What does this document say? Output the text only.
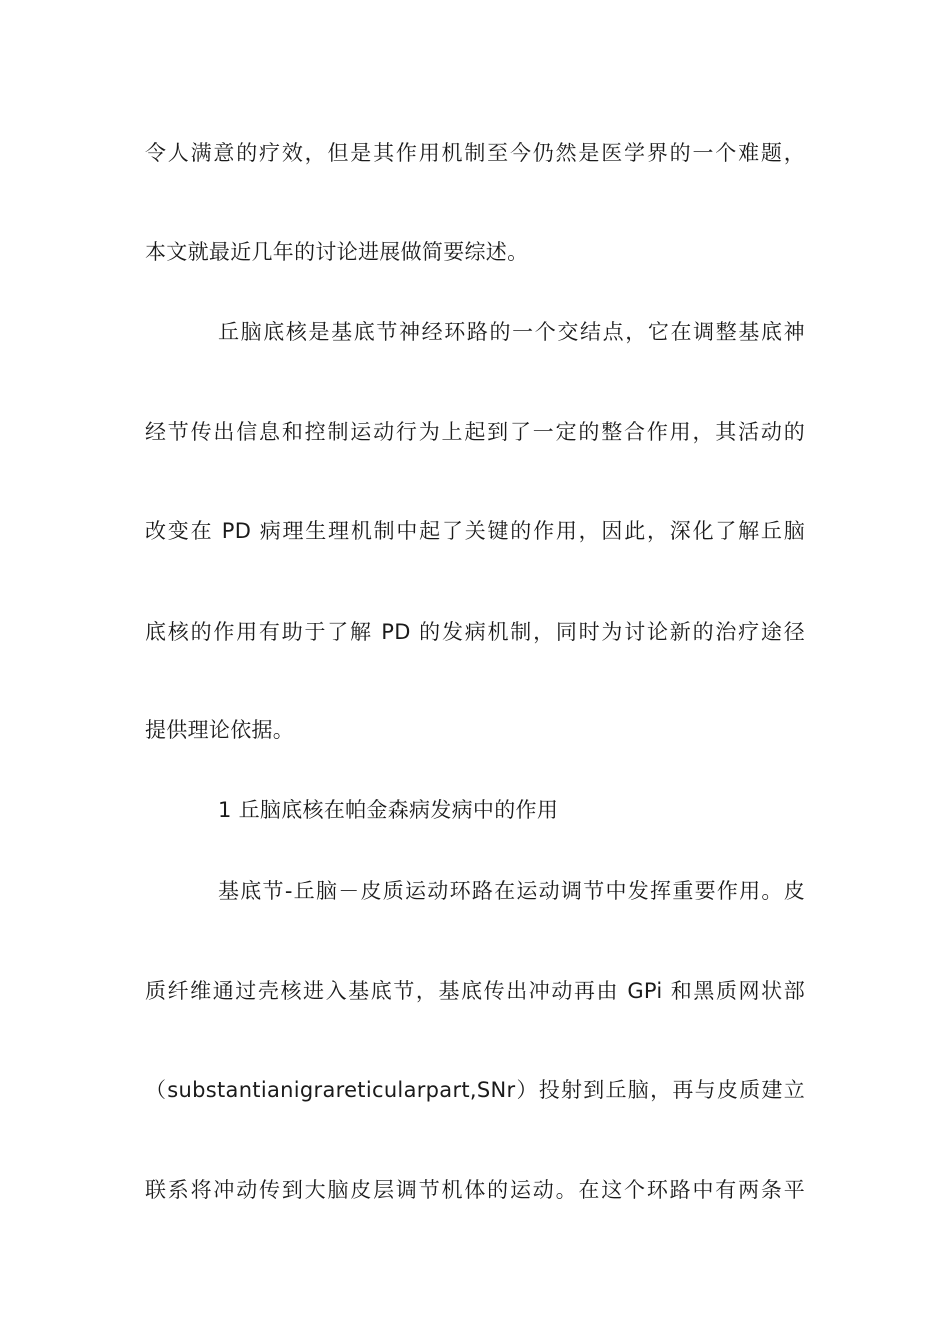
令人满意的疗效，但是其作用机制至今仍然是医学界的一个难题，
本文就最近几年的讨论进展做简要综述。
丘脑底核是基底节神经环路的一个交结点，它在调整基底神
经节传出信息和控制运动行为上起到了一定的整合作用，其活动的
改变在 PD 病理生理机制中起了关键的作用，因此，深化了解丘脑
底核的作用有助于了解 PD 的发病机制，同时为讨论新的治疗途径
提供理论依据。
1 丘脑底核在帕金森病发病中的作用
基底节-丘脑－皮质运动环路在运动调节中发挥重要作用。皮
质纤维通过壳核进入基底节，基底传出冲动再由 GPi 和黑质网状部
（substantianigrareticularpart,SNr）投射到丘脑，再与皮质建立
联系将冲动传到大脑皮层调节机体的运动。在这个环路中有两条平
